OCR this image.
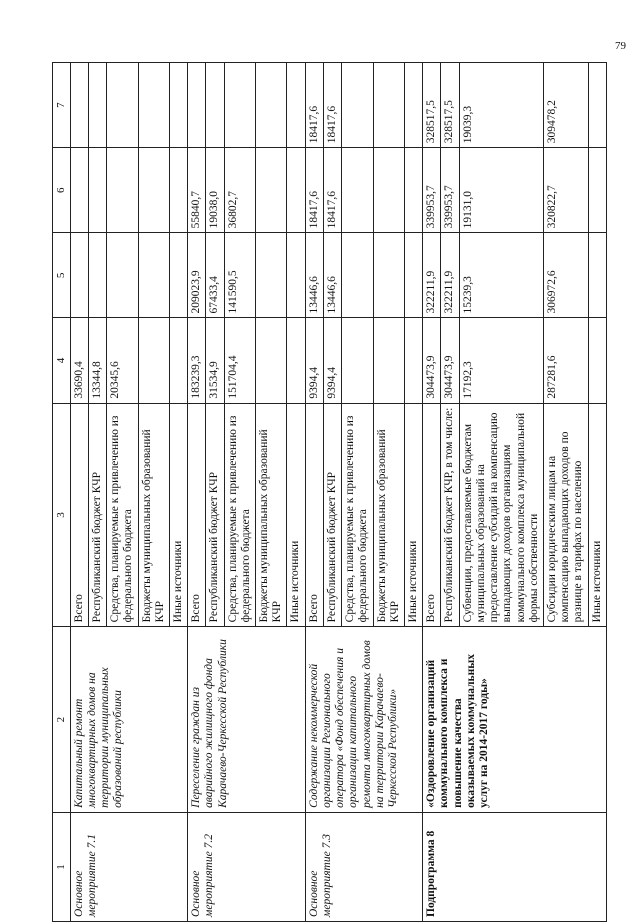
79
1	2	3	4	5	6	7
Основное мероприятие 7.1	Капитальный ремонт многоквартирных домов на территории муниципальных образований республики	Всего	33690,4			
		Республиканский бюджет КЧР	13344,8			
		Средства, планируемые к привлечению из федерального бюджета	20345,6			
		Бюджеты муниципальных образований КЧР				
		Иные источники				
Основное мероприятие 7.2	Переселение граждан из аварийного жилищного фонда Карачаево-Черкесской Республики	Всего	183239,3	209023,9	55840,7	
		Республиканский бюджет КЧР	31534,9	67433,4	19038,0	
		Средства, планируемые к привлечению из федерального бюджета	151704,4	141590,5	36802,7	
		Бюджеты муниципальных образований КЧР				
		Иные источники				
Основное мероприятие 7.3	Содержание некоммерческой организации Регионального оператора «Фонд обеспечения и организации капитального ремонта многоквартирных домов на территории Карачаево-Черкесской Республики»	Всего	9394,4	13446,6	18417,6	18417,6
		Республиканский бюджет КЧР	9394,4	13446,6	18417,6	18417,6
		Средства, планируемые к привлечению из федерального бюджета				
		Бюджеты муниципальных образований КЧР				
		Иные источники				
Подпрограмма 8	«Оздоровление организаций коммунального комплекса и повышение качества оказываемых коммунальных услуг на 2014-2017 годы»	Всего	304473,9	322211,9	339953,7	328517,5
		Республиканский бюджет КЧР, в том числе:	304473,9	322211,9	339953,7	328517,5
		Субвенции, предоставляемые бюджетам муниципальных образований на предоставление субсидий на компенсацию выпадающих доходов организациям коммунального комплекса муниципальной формы собственности	17192,3	15239,3	19131,0	19039,3
		Субсидии юридическим лицам на компенсацию выпадающих доходов по разнице в тарифах по населению	287281,6	306972,6	320822,7	309478,2
		Иные источники				
